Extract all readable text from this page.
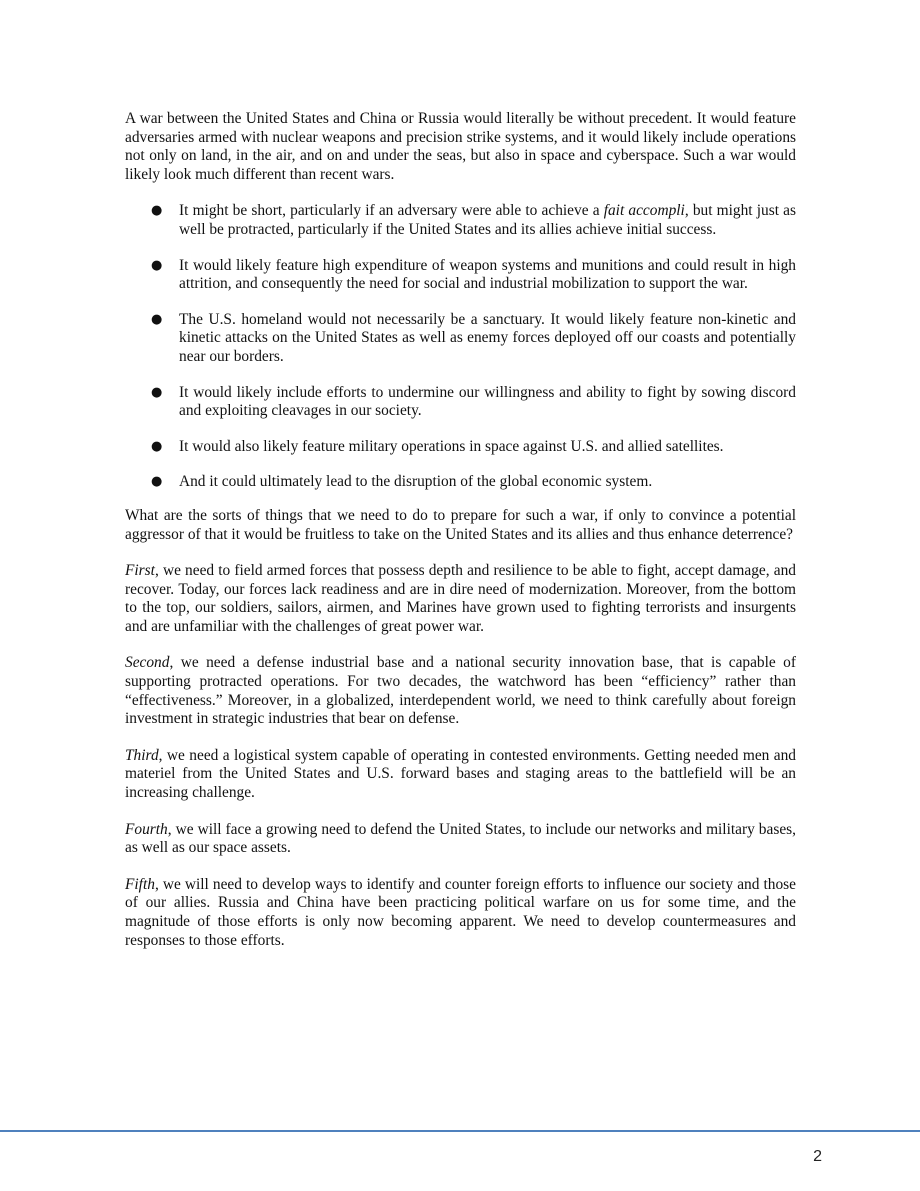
A war between the United States and China or Russia would literally be without precedent. It would feature adversaries armed with nuclear weapons and precision strike systems, and it would likely include operations not only on land, in the air, and on and under the seas, but also in space and cyberspace. Such a war would likely look much different than recent wars.

● It might be short, particularly if an adversary were able to achieve a fait accompli, but might just as well be protracted, particularly if the United States and its allies achieve initial success.
● It would likely feature high expenditure of weapon systems and munitions and could result in high attrition, and consequently the need for social and industrial mobilization to support the war.
● The U.S. homeland would not necessarily be a sanctuary. It would likely feature non-kinetic and kinetic attacks on the United States as well as enemy forces deployed off our coasts and potentially near our borders.
● It would likely include efforts to undermine our willingness and ability to fight by sowing discord and exploiting cleavages in our society.
● It would also likely feature military operations in space against U.S. and allied satellites.
● And it could ultimately lead to the disruption of the global economic system.

What are the sorts of things that we need to do to prepare for such a war, if only to convince a potential aggressor of that it would be fruitless to take on the United States and its allies and thus enhance deterrence?

First, we need to field armed forces that possess depth and resilience to be able to fight, accept damage, and recover. Today, our forces lack readiness and are in dire need of modernization. Moreover, from the bottom to the top, our soldiers, sailors, airmen, and Marines have grown used to fighting terrorists and insurgents and are unfamiliar with the challenges of great power war.

Second, we need a defense industrial base and a national security innovation base, that is capable of supporting protracted operations. For two decades, the watchword has been “efficiency” rather than “effectiveness.” Moreover, in a globalized, interdependent world, we need to think carefully about foreign investment in strategic industries that bear on defense.

Third, we need a logistical system capable of operating in contested environments. Getting needed men and materiel from the United States and U.S. forward bases and staging areas to the battlefield will be an increasing challenge.

Fourth, we will face a growing need to defend the United States, to include our networks and military bases, as well as our space assets.

Fifth, we will need to develop ways to identify and counter foreign efforts to influence our society and those of our allies. Russia and China have been practicing political warfare on us for some time, and the magnitude of those efforts is only now becoming apparent. We need to develop countermeasures and responses to those efforts.

2
